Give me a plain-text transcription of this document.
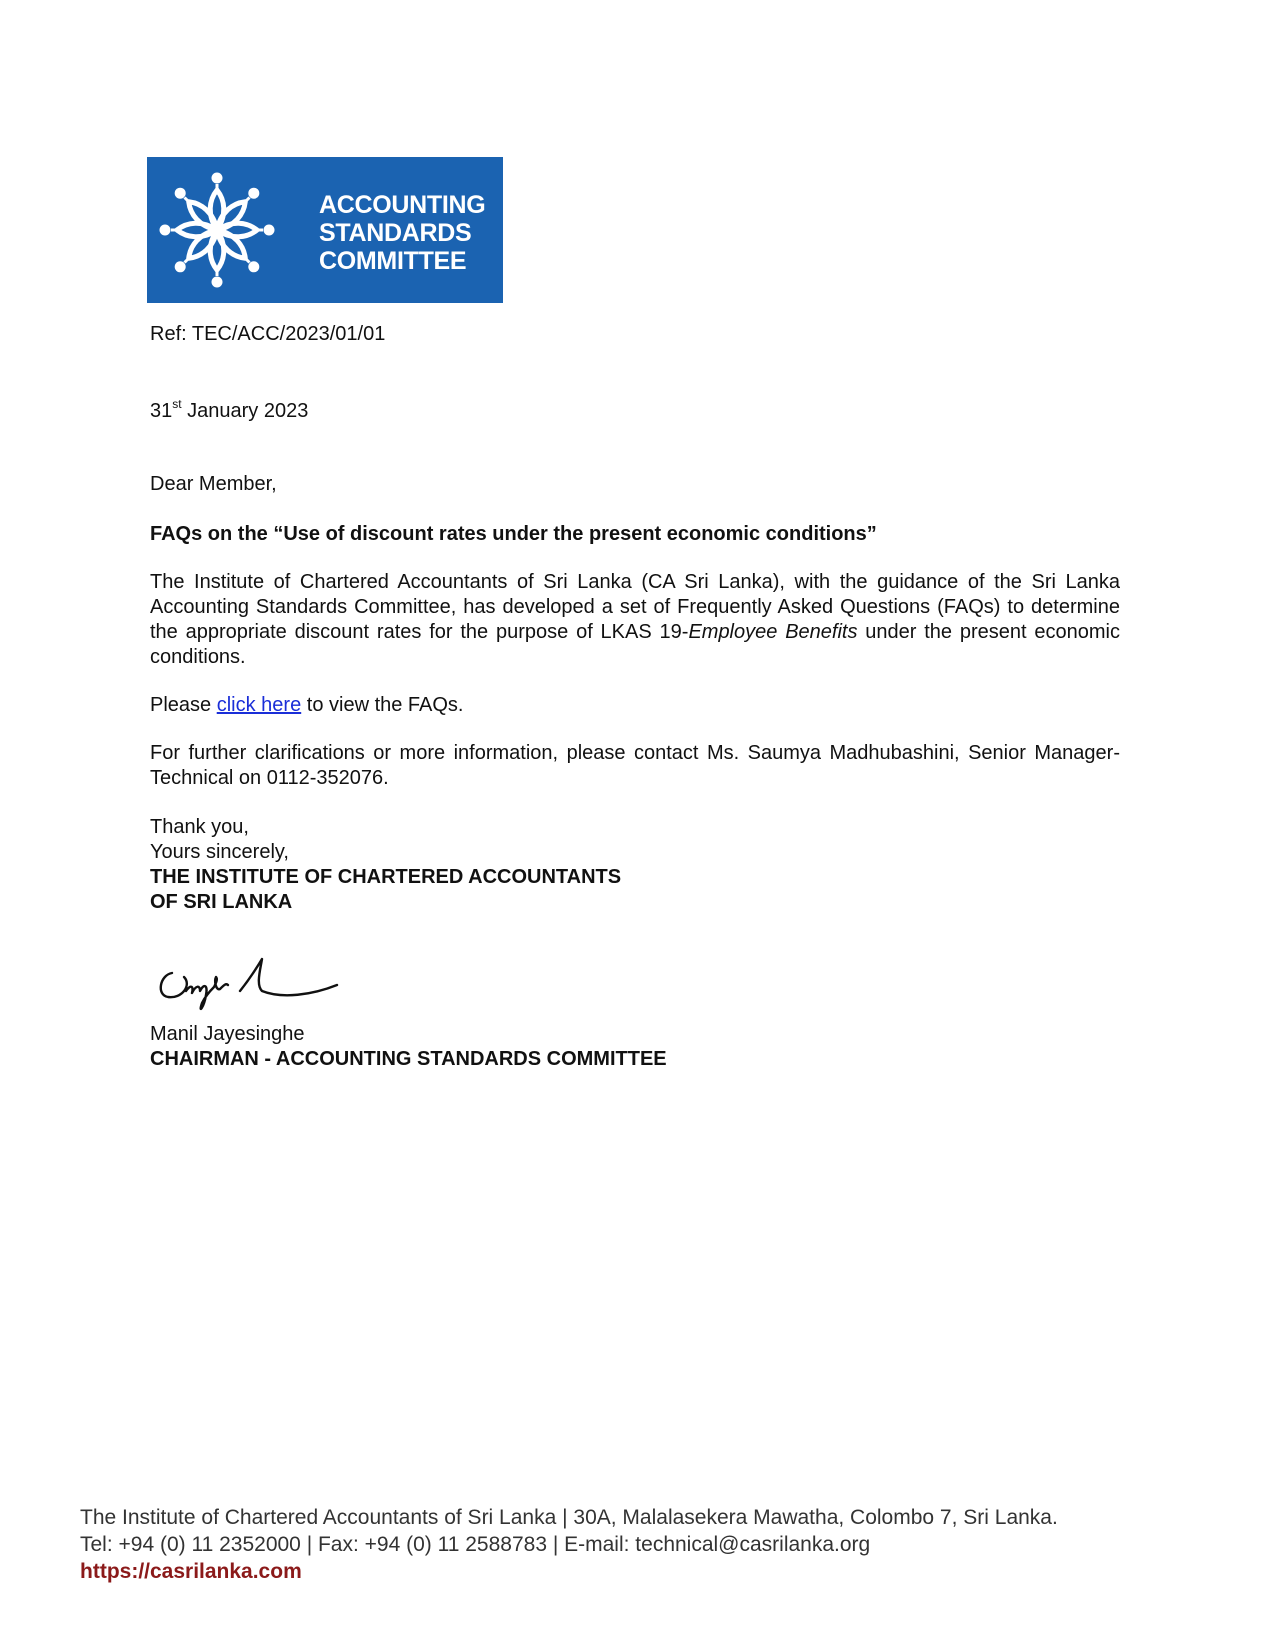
ACCOUNTING
STANDARDS
COMMITTEE
Ref: TEC/ACC/2023/01/01
31st January 2023
Dear Member,
FAQs on the “Use of discount rates under the present economic conditions”
The Institute of Chartered Accountants of Sri Lanka (CA Sri Lanka), with the guidance of the Sri Lanka Accounting Standards Committee, has developed a set of Frequently Asked Questions (FAQs) to determine the appropriate discount rates for the purpose of LKAS 19-Employee Benefits under the present economic conditions.
Please click here to view the FAQs.
For further clarifications or more information, please contact Ms. Saumya Madhubashini, Senior Manager- Technical on 0112-352076.
Thank you,
Yours sincerely,
THE INSTITUTE OF CHARTERED ACCOUNTANTS
OF SRI LANKA
Manil Jayesinghe
CHAIRMAN - ACCOUNTING STANDARDS COMMITTEE
The Institute of Chartered Accountants of Sri Lanka | 30A, Malalasekera Mawatha, Colombo 7, Sri Lanka.
Tel: +94 (0) 11 2352000 | Fax: +94 (0) 11 2588783 | E-mail: technical@casrilanka.org
https://casrilanka.com
